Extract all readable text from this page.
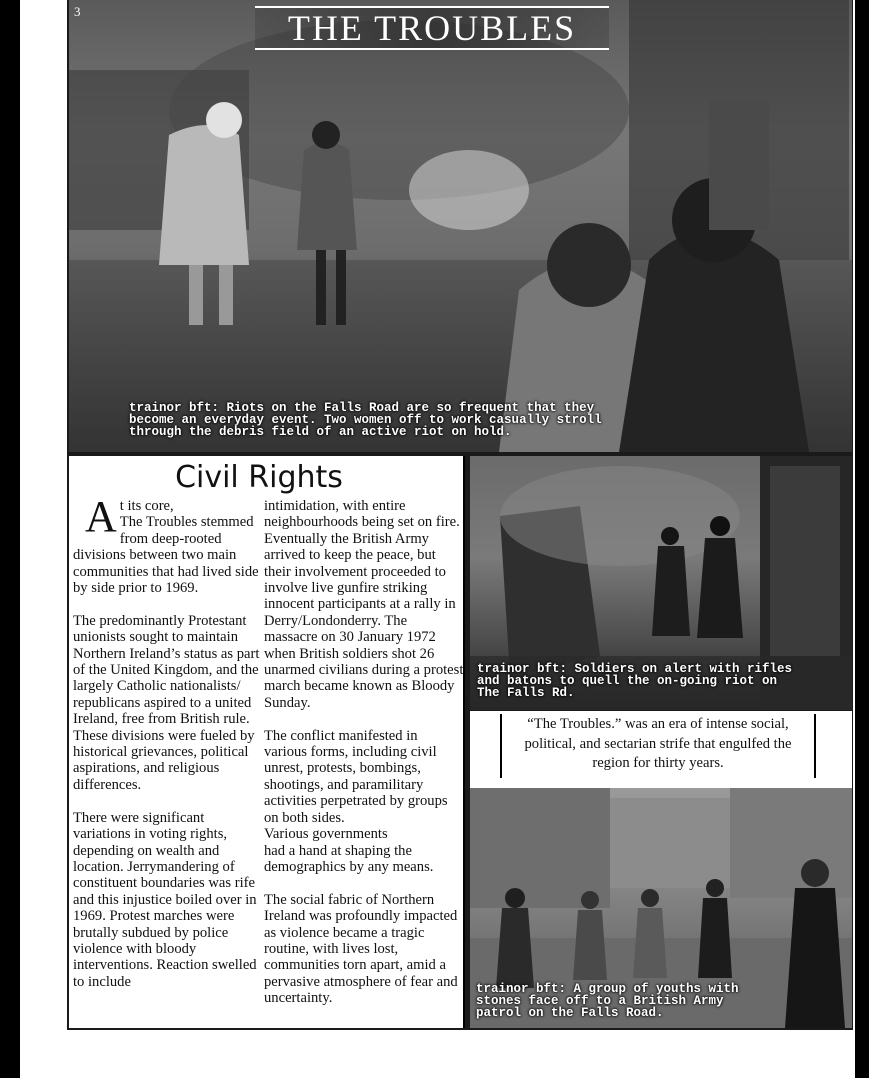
3	THE TROUBLES
trainor bft: Riots on the Falls Road are so frequent that they
become an everyday event. Two women off to work casually stroll
through the debris field of an active riot on hold.
Civil Rights

At its core,
The Troubles stemmed from deep-rooted divisions between two main communities that had lived side by side prior to 1969.

The predominantly Protestant unionists sought to maintain Northern Ireland’s status as part of the United Kingdom, and the largely Catholic nationalists/ republicans aspired to a united Ireland, free from British rule. These divisions were fueled by historical grievances, political aspirations, and religious differences.

There were significant variations in voting rights, depending on wealth and location. Jerrymandering of constituent boundaries was rife and this injustice boiled over in 1969. Protest marches were brutally subdued by police violence with bloody interventions. Reaction swelled to include

intimidation, with entire neighbourhoods being set on fire.
Eventually the British Army arrived to keep the peace, but their involvement proceeded to involve live gunfire striking innocent participants at a rally in Derry/Londonderry. The massacre on 30 January 1972 when British soldiers shot 26 unarmed civilians during a protest march became known as Bloody Sunday.

The conflict manifested in various forms, including civil unrest, protests, bombings, shootings, and paramilitary activities perpetrated by groups on both sides.
Various governments
had a hand at shaping the demographics by any means.

The social fabric of Northern Ireland was profoundly impacted as violence became a tragic routine, with lives lost, communities torn apart, amid a pervasive atmosphere of fear and uncertainty.

trainor bft: Soldiers on alert with rifles
and batons to quell the on-going riot on
The Falls Rd.
“The Troubles.” was an era of intense social, political, and sectarian strife that engulfed the region for thirty years.
trainor bft: A group of youths with
stones face off to a British Army
patrol on the Falls Road.
